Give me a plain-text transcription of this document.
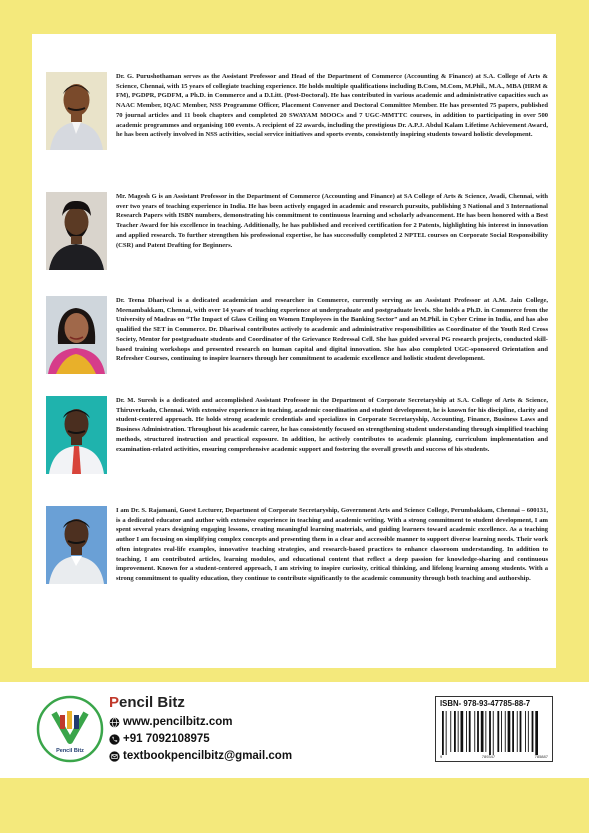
Dr. G. Purushothaman serves as the Assistant Professor and Head of the Department of Commerce (Accounting & Finance) at S.A. College of Arts & Science, Chennai, with 15 years of collegiate teaching experience. He holds multiple qualifications including B.Com, M.Com, M.Phil., M.A., MBA (HRM & FM), PGDPR, PGDFM, a Ph.D. in Commerce and a D.Litt. (Post-Doctoral). He has contributed in various academic and administrative capacities such as NAAC Member, IQAC Member, NSS Programme Officer, Placement Convener and Doctoral Committee Member. He has presented 75 papers, published 70 journal articles and 11 book chapters and completed 20 SWAYAM MOOCs and 7 UGC-MMTTC courses, in addition to participating in over 500 academic programmes and organising 100 events. A recipient of 22 awards, including the prestigious Dr. A.P.J. Abdul Kalam Lifetime Achievement Award, he has been actively involved in NSS activities, social service initiatives and sports events, consistently inspiring students toward holistic development.
Mr. Magesh G is an Assistant Professor in the Department of Commerce (Accounting and Finance) at SA College of Arts & Science, Avadi, Chennai, with over two years of teaching experience in India. He has been actively engaged in academic and research pursuits, publishing 3 National and 3 International Research Papers with ISBN numbers, demonstrating his commitment to continuous learning and scholarly advancement. He has been honored with a Best Teacher Award for his excellence in teaching. Additionally, he has published and received certification for 2 Patents, highlighting his interest in innovation and applied research. To further strengthen his professional expertise, he has successfully completed 2 NPTEL courses on Corporate Social Responsibility (CSR) and Patent Drafting for Beginners.
Dr. Teena Dhariwal is a dedicated academician and researcher in Commerce, currently serving as an Assistant Professor at A.M. Jain College, Meenambakkam, Chennai, with over 14 years of teaching experience at undergraduate and postgraduate levels. She holds a Ph.D. in Commerce from the University of Madras on “The Impact of Glass Ceiling on Women Employees in the Banking Sector” and an M.Phil. in Cyber Crime in India, and has also qualified the SET in Commerce. Dr. Dhariwal contributes actively to academic and administrative responsibilities as Coordinator of the Youth Red Cross Society, Mentor for postgraduate students and Coordinator of the Grievance Redressal Cell. She has guided several PG research projects, conducted skill-based training workshops and presented research on human capital and digital innovation. She has also completed UGC-sponsored Orientation and Refresher Courses, continuing to inspire learners through her commitment to academic excellence and holistic student development.
Dr. M. Suresh is a dedicated and accomplished Assistant Professor in the Department of Corporate Secretaryship at S.A. College of Arts & Science, Thiruverkadu, Chennai. With extensive experience in teaching, academic coordination and student development, he is known for his discipline, clarity and student-centered approach. He holds strong academic credentials and specializes in Corporate Secretaryship, Accounting, Finance, Business Laws and Business Administration. Throughout his academic career, he has consistently focused on strengthening student understanding through simplified teaching methods, structured instruction and practical exposure. In addition, he actively contributes to academic planning, curriculum implementation and examination-related activities, ensuring comprehensive academic support and fostering the overall growth and success of his students.
I am Dr. S. Rajamani, Guest Lecturer, Department of Corporate Secretaryship, Government Arts and Science College, Perumbakkam, Chennai – 600131, is a dedicated educator and author with extensive experience in teaching and academic writing. With a strong commitment to student development, I am spent several years designing engaging lessons, creating meaningful learning materials, and guiding learners toward academic excellence. As a teaching author I am focusing on simplifying complex concepts and presenting them in a clear and accessible manner to support diverse learning needs. Their work often integrates real-life examples, innovative teaching strategies, and research-based practices to enhance classroom understanding. In addition to teaching, I am contributed articles, learning modules, and educational content that reflect a deep passion for knowledge-sharing and continuous improvement. Known for a student-centered approach, I am striving to inspire curiosity, critical thinking, and lifelong learning among students. With a strong commitment to quality education, they continue to contribute significantly to the academic community through both teaching and authorship.
Pencil Bitz
Pencil Bitz
www.pencilbitz.com
+91 7092108975
textbookpencilbitz@gmail.com
ISBN- 978-93-47785-88-7
9	789347	785887
